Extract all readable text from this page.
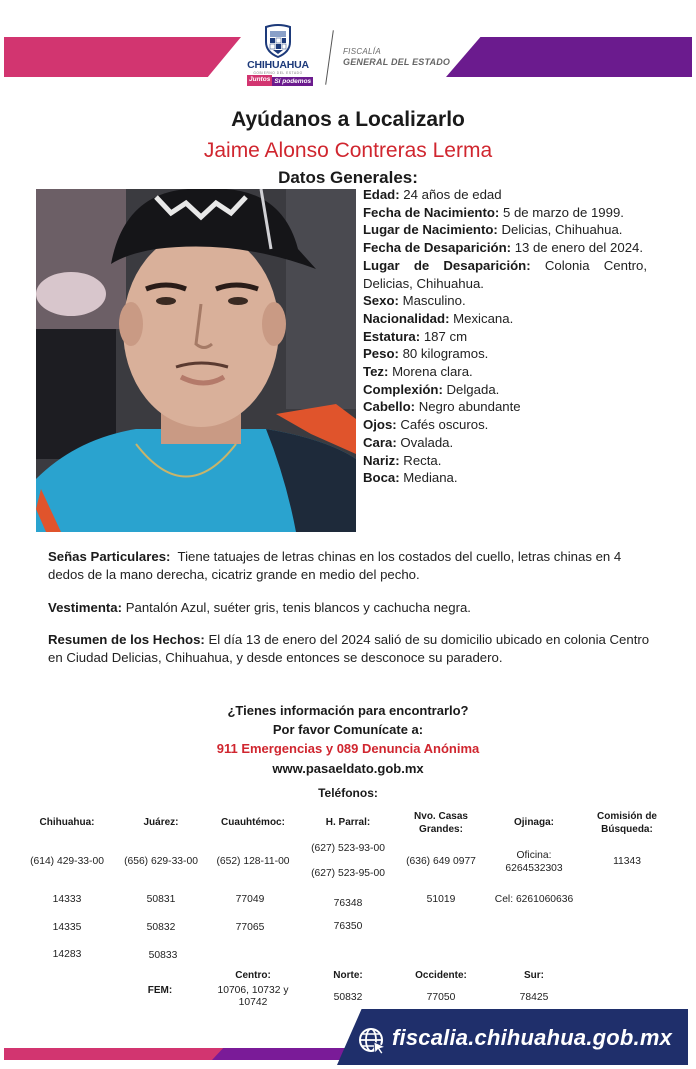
CHIHUAHUA
GOBIERNO DEL ESTADO
Juntos Sí podemos
FISCALÍA
GENERAL DEL ESTADO
Ayúdanos a Localizarlo
Jaime Alonso Contreras Lerma
Datos Generales:
Edad: 24 años de edad
Fecha de Nacimiento: 5 de marzo de 1999.
Lugar de Nacimiento: Delicias, Chihuahua.
Fecha de Desaparición: 13 de enero del 2024.
Lugar de Desaparición: Colonia Centro, Delicias, Chihuahua.
Sexo: Masculino.
Nacionalidad: Mexicana.
Estatura: 187 cm
Peso: 80 kilogramos.
Tez: Morena clara.
Complexión: Delgada.
Cabello: Negro abundante
Ojos: Cafés oscuros.
Cara: Ovalada.
Nariz: Recta.
Boca: Mediana.
Señas Particulares:  Tiene tatuajes de letras chinas en los costados del cuello, letras chinas en 4 dedos de la mano derecha, cicatriz grande en medio del pecho.
Vestimenta: Pantalón Azul, suéter gris, tenis blancos y cachucha negra.
Resumen de los Hechos: El día 13 de enero del 2024 salió de su domicilio ubicado en colonia Centro en Ciudad Delicias, Chihuahua, y desde entonces se desconoce su paradero.
¿Tienes información para encontrarlo?
Por favor Comunícate a:
911 Emergencias y 089 Denuncia Anónima
www.pasaeldato.gob.mx
Teléfonos:
Chihuahua:
(614) 429-33-00
14333
14335
14283
Juárez:
(656) 629-33-00
50831
50832
50833
Cuauhtémoc:
(652) 128-11-00
77049
77065
H. Parral:
(627) 523-93-00
(627) 523-95-00
76348
76350
Nvo. Casas
Grandes:
(636) 649 0977
51019
Ojinaga:
Oficina:
6264532303
Cel: 6261060636
Comisión de
Búsqueda:
11343
FEM:
Centro:
10706, 10732 y
10742
Norte:
50832
Occidente:
77050
Sur:
78425
fiscalia.chihuahua.gob.mx
